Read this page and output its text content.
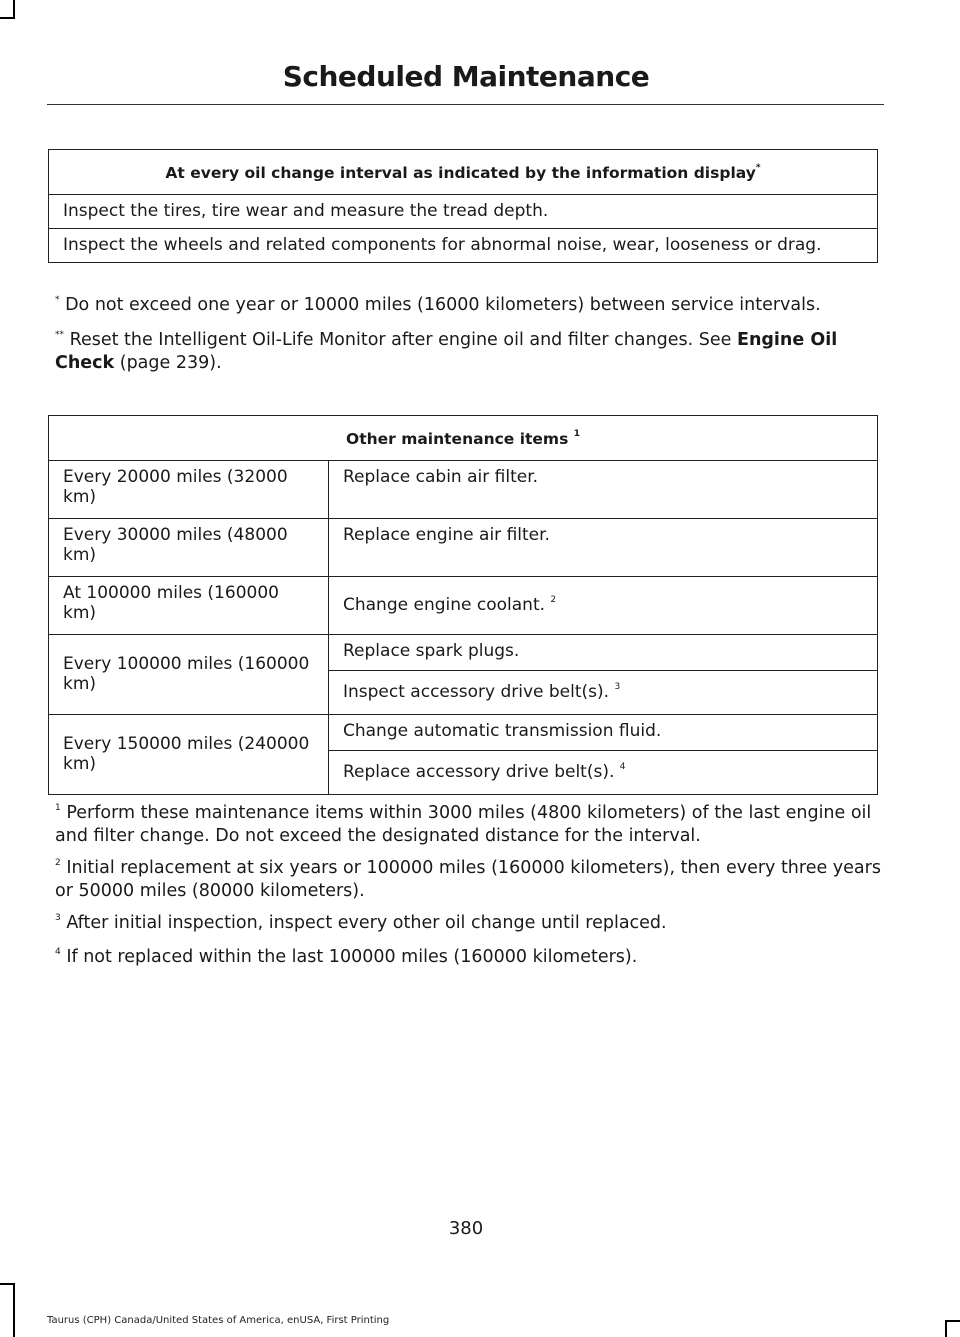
Scheduled Maintenance
At every oil change interval as indicated by the information display*
Inspect the tires, tire wear and measure the tread depth.
Inspect the wheels and related components for abnormal noise, wear, looseness or drag.
* Do not exceed one year or 10000 miles (16000 kilometers) between service intervals.
** Reset the Intelligent Oil-Life Monitor after engine oil and filter changes. See Engine Oil Check (page 239).
Other maintenance items $^1$
Every 20000 miles (32000 km)	Replace cabin air filter.
Every 30000 miles (48000 km)	Replace engine air filter.
At 100000 miles (160000 km)	Change engine coolant. $^2$
Every 100000 miles (160000 km)	Replace spark plugs.
	Inspect accessory drive belt(s). $^3$
Every 150000 miles (240000 km)	Change automatic transmission fluid.
	Replace accessory drive belt(s). $^4$
$^1$ Perform these maintenance items within 3000 miles (4800 kilometers) of the last engine oil and filter change. Do not exceed the designated distance for the interval.
$^2$ Initial replacement at six years or 100000 miles (160000 kilometers), then every three years or 50000 miles (80000 kilometers).
$^3$ After initial inspection, inspect every other oil change until replaced.
$^4$ If not replaced within the last 100000 miles (160000 kilometers).
380
Taurus (CPH) Canada/United States of America, enUSA, First Printing
